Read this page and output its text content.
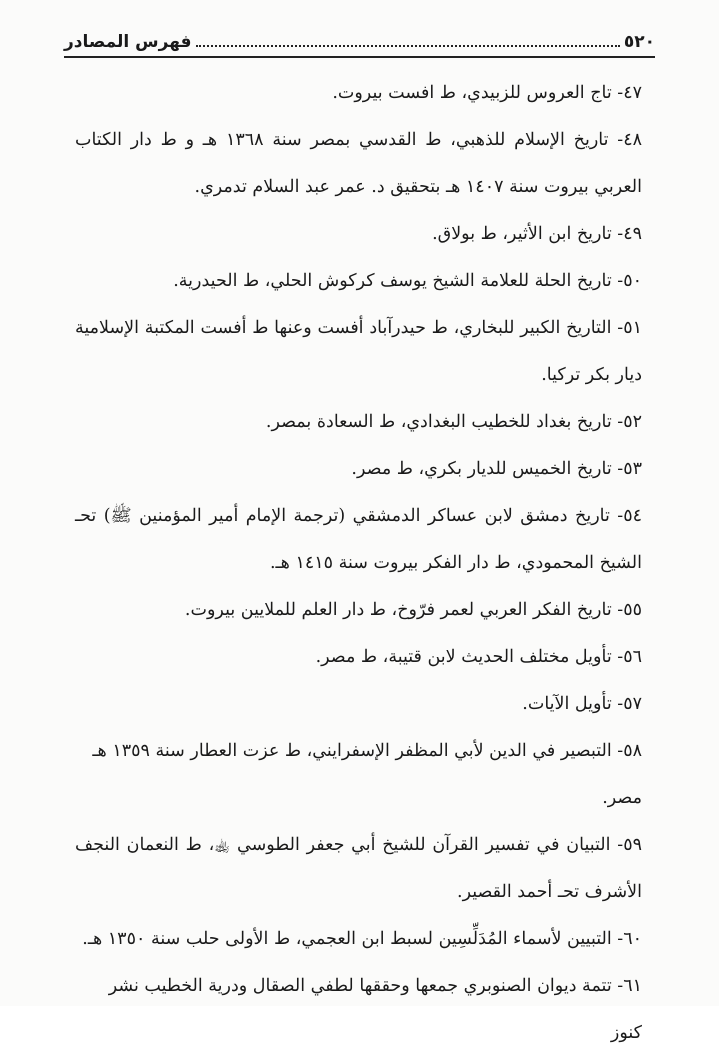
٥٢٠
فهرس المصادر
٤٧- تاج العروس للزبيدي، ط افست بيروت.
٤٨- تاريخ الإسلام للذهبي، ط القدسي بمصر سنة ١٣٦٨ هـ و ط دار الكتاب العربي بيروت سنة ١٤٠٧ هـ بتحقيق د. عمر عبد السلام تدمري.
٤٩- تاريخ ابن الأثير، ط بولاق.
٥٠- تاريخ الحلة للعلامة الشيخ يوسف كركوش الحلي، ط الحيدرية.
٥١- التاريخ الكبير للبخاري، ط حيدرآباد أفست وعنها ط أفست المكتبة الإسلامية ديار بكر تركيا.
٥٢- تاريخ بغداد للخطيب البغدادي، ط السعادة بمصر.
٥٣- تاريخ الخميس للديار بكري، ط مصر.
٥٤- تاريخ دمشق لابن عساكر الدمشقي (ترجمة الإمام أمير المؤمنين ﷺ) تحـ الشيخ المحمودي، ط دار الفكر بيروت سنة ١٤١٥ هـ.
٥٥- تاريخ الفكر العربي لعمر فرّوخ، ط دار العلم للملايين بيروت.
٥٦- تأويل مختلف الحديث لابن قتيبة، ط مصر.
٥٧- تأويل الآيات.
٥٨- التبصير في الدين لأبي المظفر الإسفرايني، ط عزت العطار سنة ١٣٥٩ هـ مصر.
٥٩- التبيان في تفسير القرآن للشيخ أبي جعفر الطوسي ﵀، ط النعمان النجف الأشرف تحـ أحمد القصير.
٦٠- التبيين لأسماء المُدَلِّسِين لسبط ابن العجمي، ط الأولى حلب سنة ١٣٥٠ هـ.
٦١- تتمة ديوان الصنوبري جمعها وحققها لطفي الصقال ودرية الخطيب نشر كنوز
